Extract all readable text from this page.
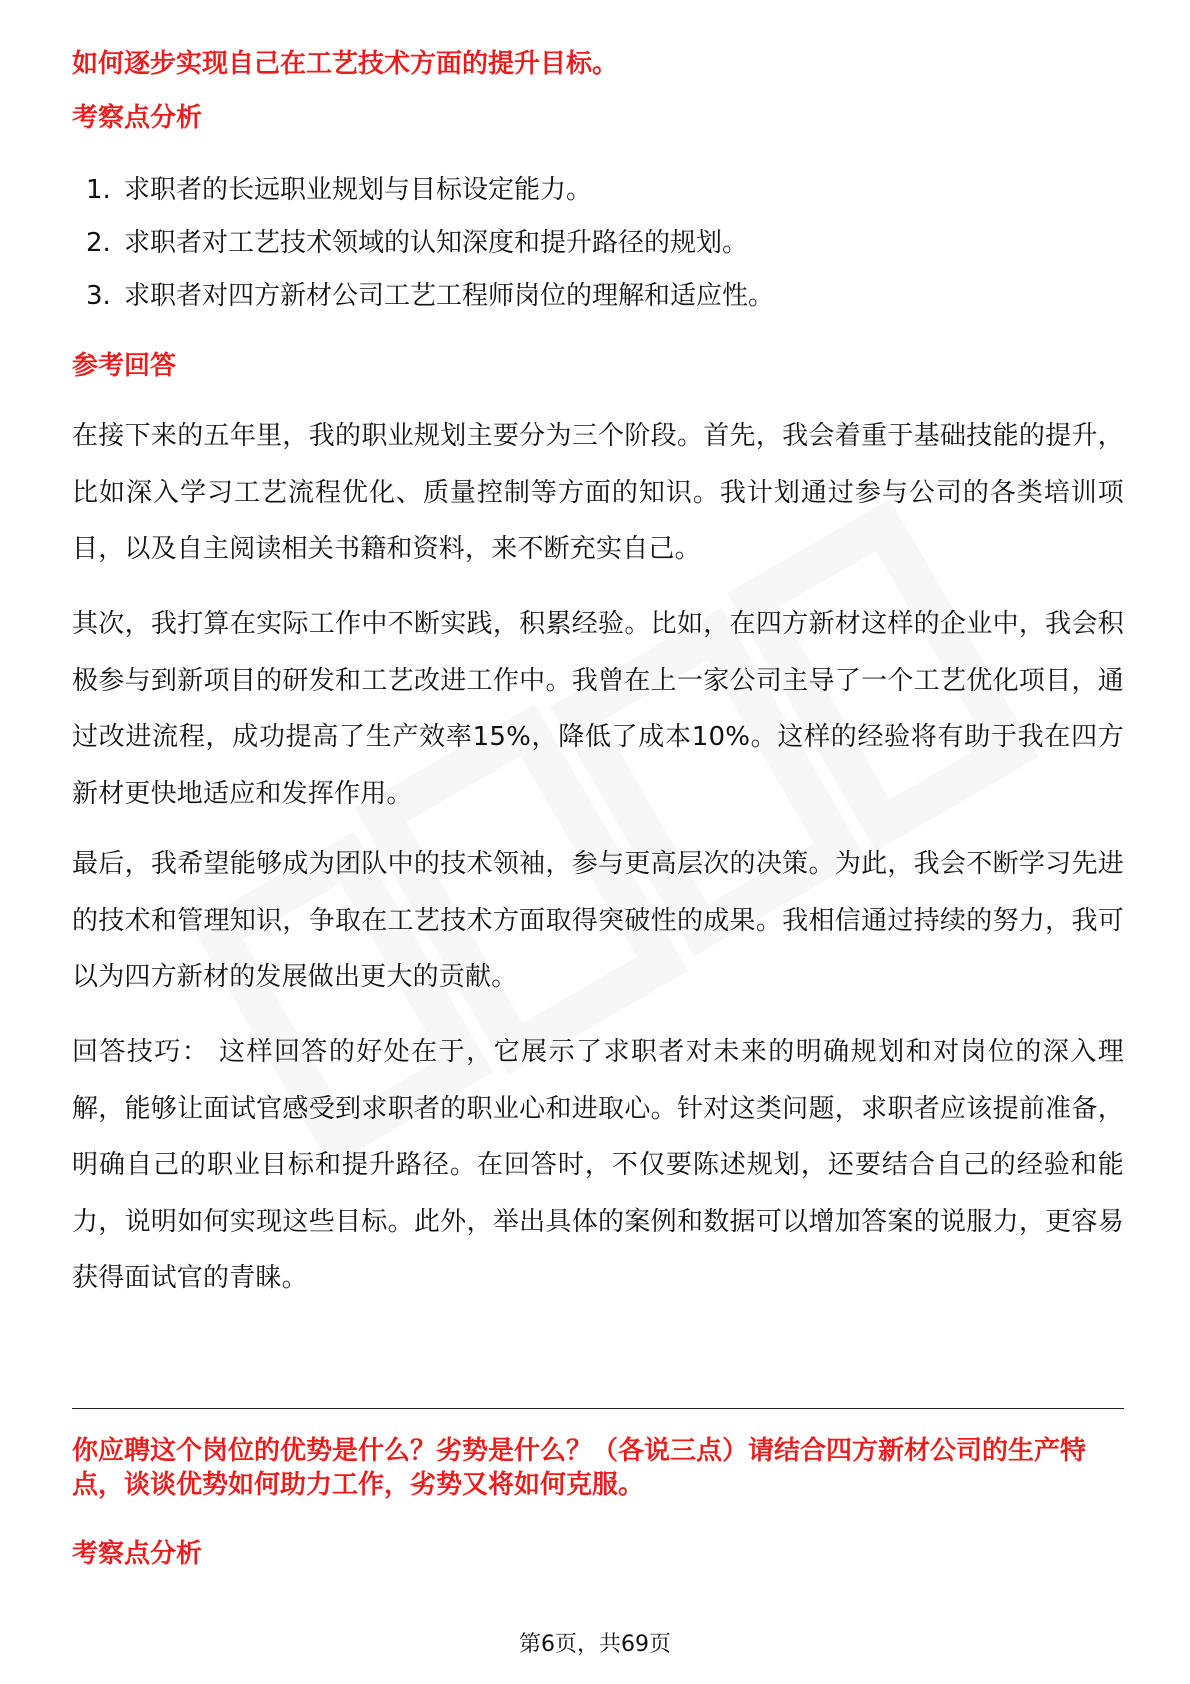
如何逐步实现自己在工艺技术方面的提升目标。
考察点分析
1. 求职者的长远职业规划与目标设定能力。
2. 求职者对工艺技术领域的认知深度和提升路径的规划。
3. 求职者对四方新材公司工艺工程师岗位的理解和适应性。
参考回答

在接下来的五年里，我的职业规划主要分为三个阶段。首先，我会着重于基础技能的提升，比如深入学习工艺流程优化、质量控制等方面的知识。我计划通过参与公司的各类培训项目，以及自主阅读相关书籍和资料，来不断充实自己。

其次，我打算在实际工作中不断实践，积累经验。比如，在四方新材这样的企业中，我会积极参与到新项目的研发和工艺改进工作中。我曾在上一家公司主导了一个工艺优化项目，通过改进流程，成功提高了生产效率15%，降低了成本10%。这样的经验将有助于我在四方新材更快地适应和发挥作用。

最后，我希望能够成为团队中的技术领袖，参与更高层次的决策。为此，我会不断学习先进的技术和管理知识，争取在工艺技术方面取得突破性的成果。我相信通过持续的努力，我可以为四方新材的发展做出更大的贡献。

回答技巧： 这样回答的好处在于，它展示了求职者对未来的明确规划和对岗位的深入理解，能够让面试官感受到求职者的职业心和进取心。针对这类问题，求职者应该提前准备，明确自己的职业目标和提升路径。在回答时，不仅要陈述规划，还要结合自己的经验和能力，说明如何实现这些目标。此外，举出具体的案例和数据可以增加答案的说服力，更容易获得面试官的青睐。

你应聘这个岗位的优势是什么？劣势是什么？（各说三点）请结合四方新材公司的生产特点，谈谈优势如何助力工作，劣势又将如何克服。
考察点分析
第6页，共69页
